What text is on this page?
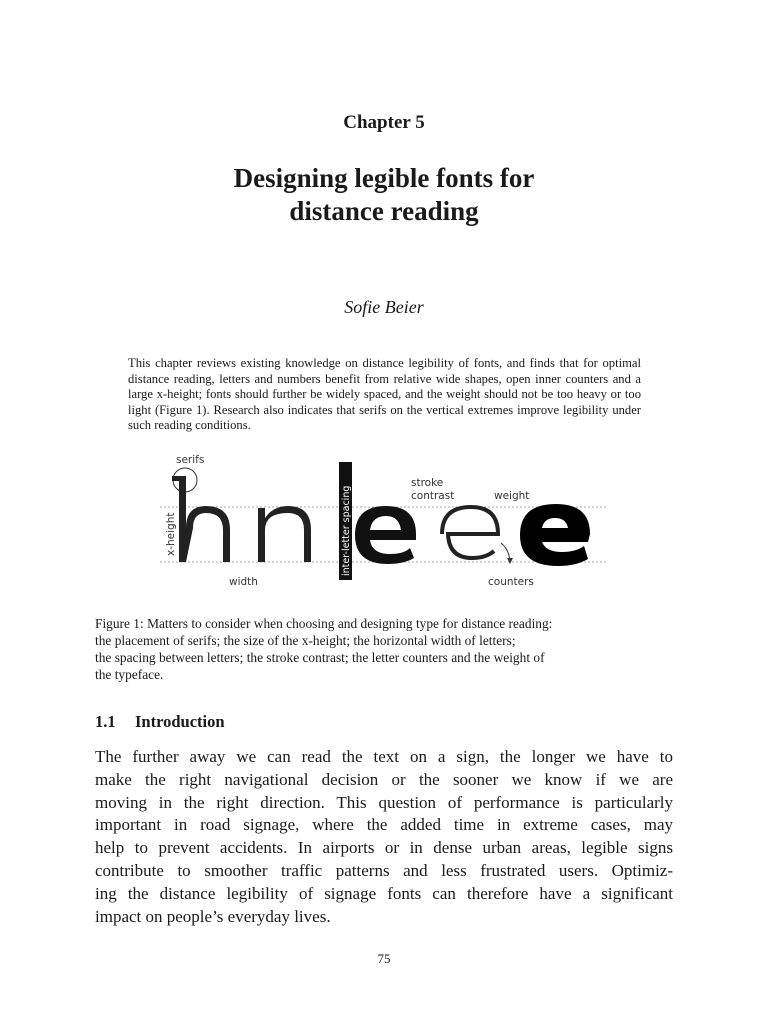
Chapter 5
Designing legible fonts for
distance reading
Sofie Beier
This chapter reviews existing knowledge on distance legibility of fonts, and finds that for optimal distance reading, letters and numbers benefit from relative wide shapes, open inner counters and a large x-height; fonts should further be widely spaced, and the weight should not be too heavy or too light (Figure 1). Research also indicates that serifs on the vertical extremes improve legibility under such reading conditions.
serifs
x-height
width
stroke
contrast	weight
counters
inter-letter spacing
Figure 1: Matters to consider when choosing and designing type for distance reading:
the placement of serifs; the size of the x-height; the horizontal width of letters;
the spacing between letters; the stroke contrast; the letter counters and the weight of
the typeface.
1.1 Introduction
The further away we can read the text on a sign, the longer we have to
make the right navigational decision or the sooner we know if we are
moving in the right direction. This question of performance is particularly
important in road signage, where the added time in extreme cases, may
help to prevent accidents. In airports or in dense urban areas, legible signs
contribute to smoother traffic patterns and less frustrated users. Optimiz-
ing the distance legibility of signage fonts can therefore have a significant
impact on people’s everyday lives.
75
